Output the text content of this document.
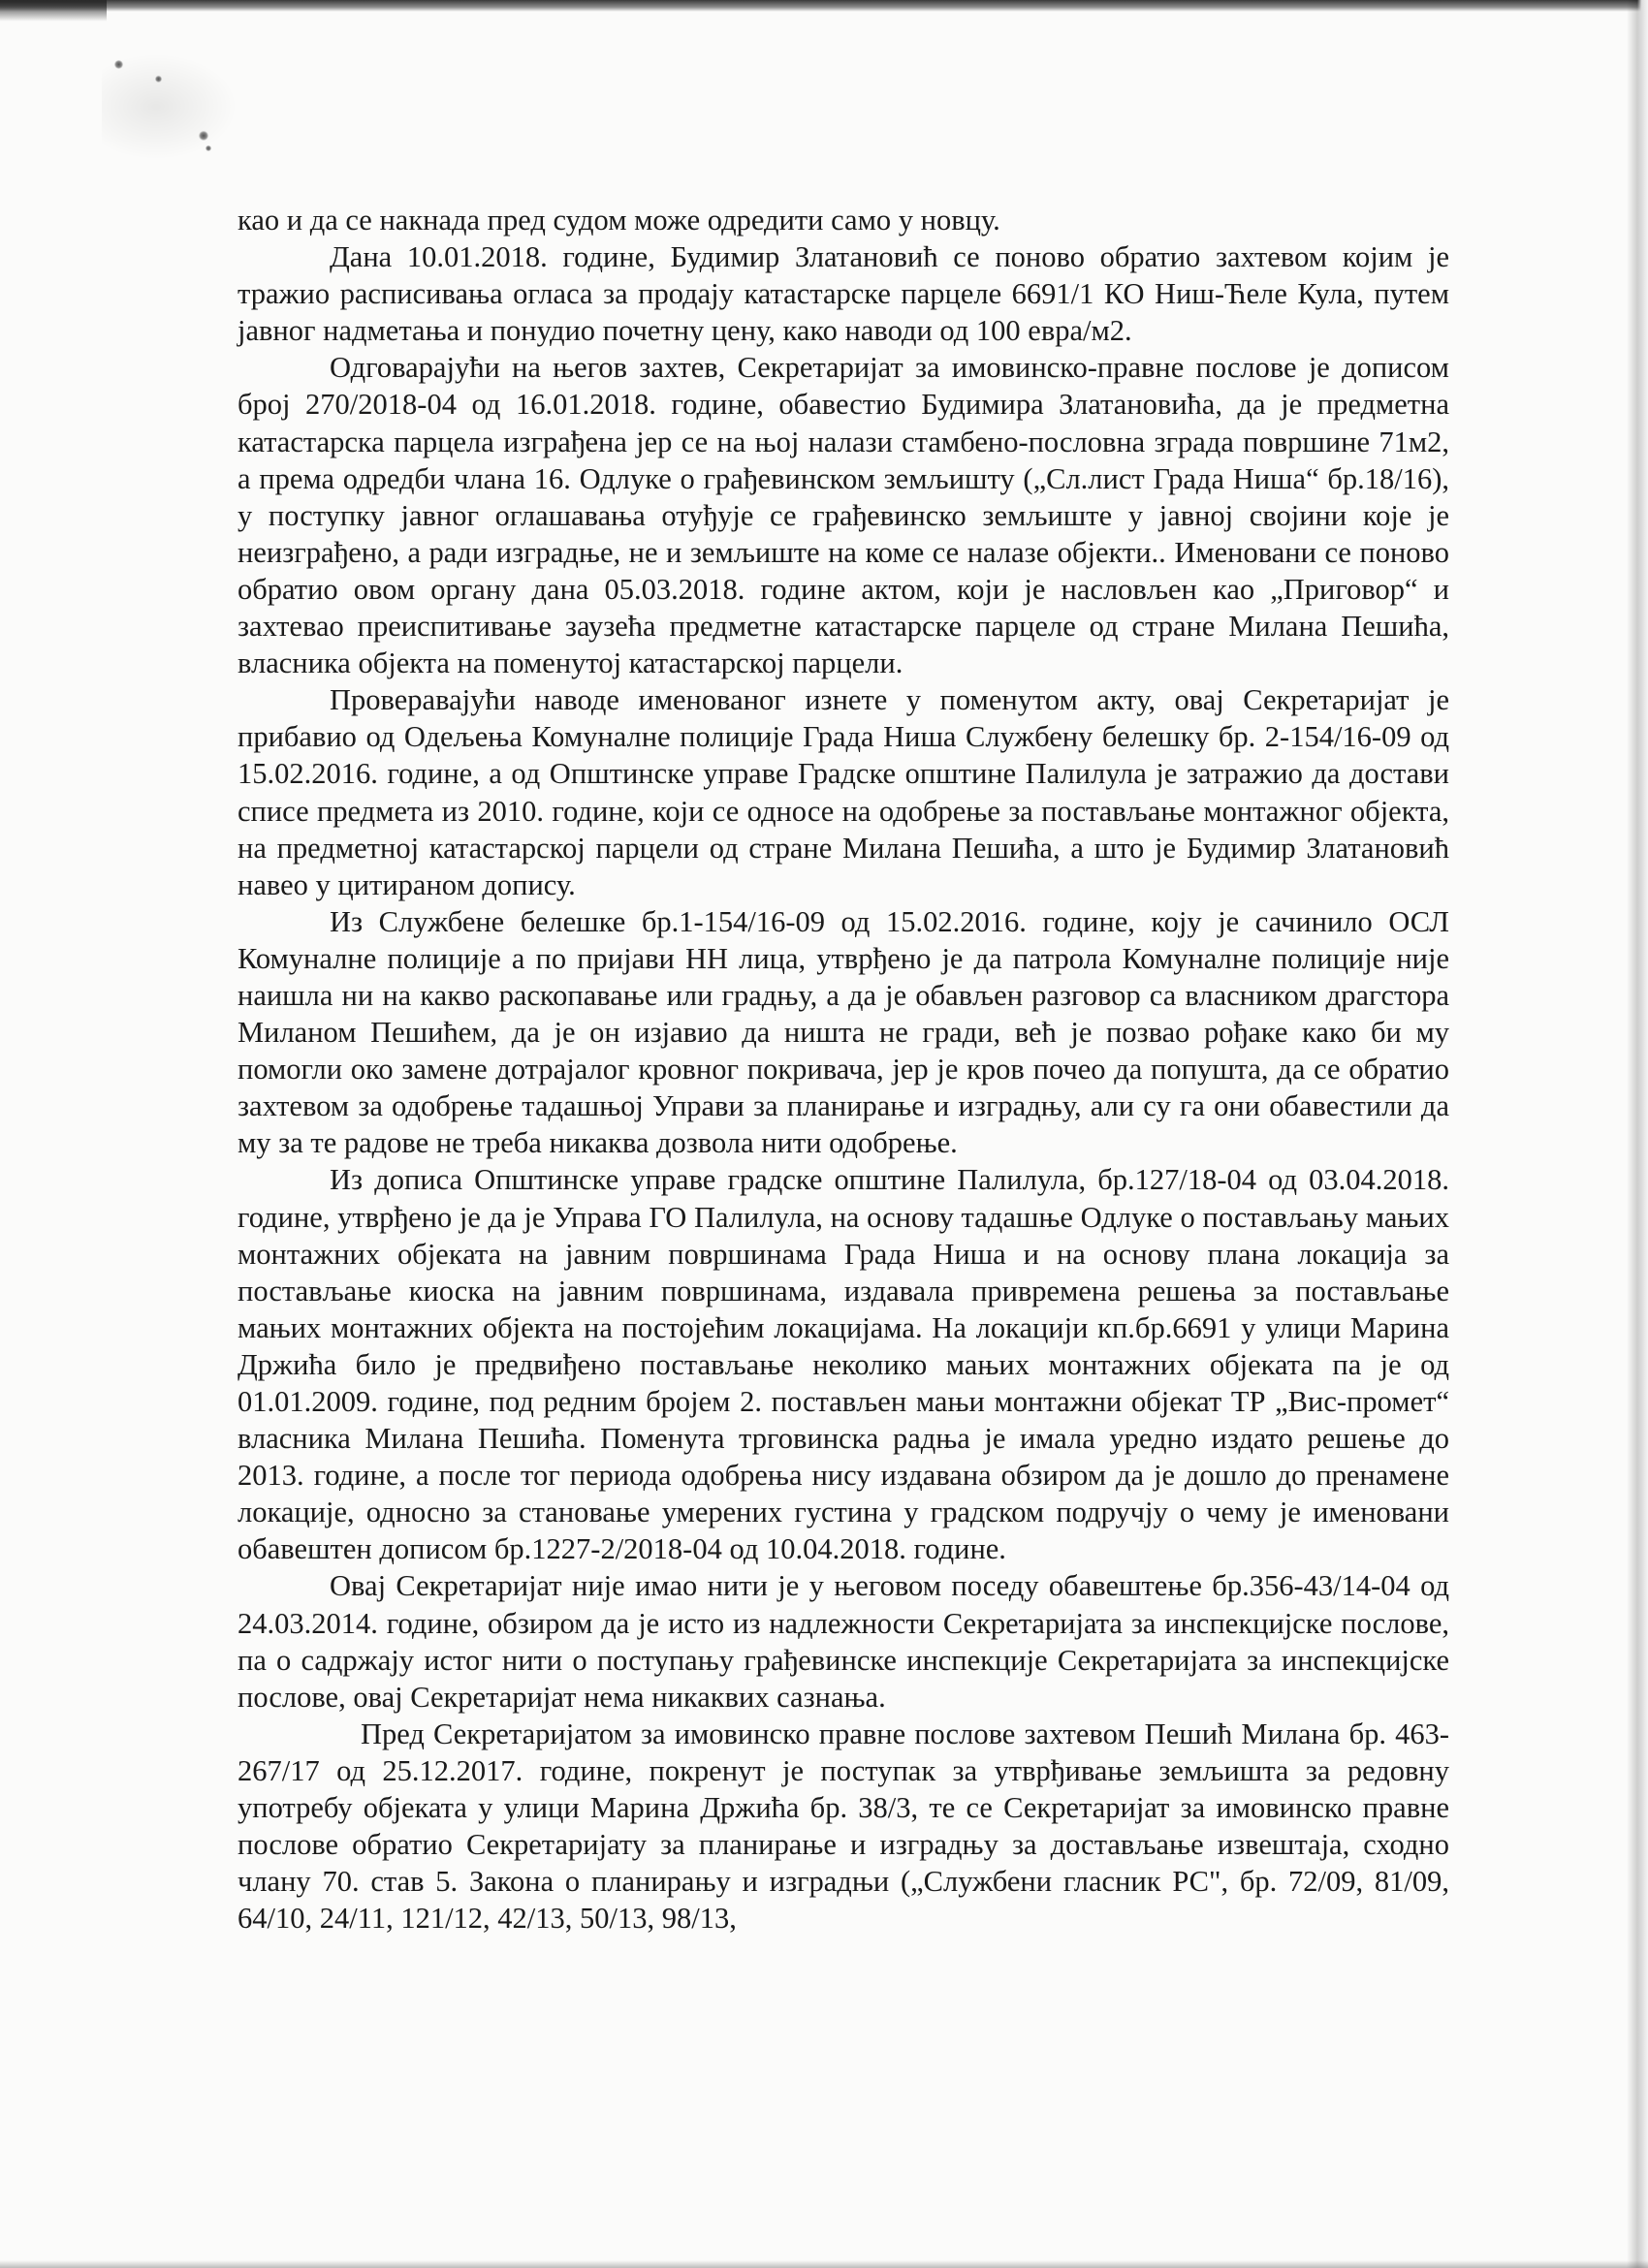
као и да се накнада пред судом може одредити само у новцу.

Дана 10.01.2018. године, Будимир Златановић се поново обратио захтевом којим је тражио расписивања огласа за продају катастарске парцеле 6691/1 КО Ниш-Ћеле Кула, путем јавног надметања и понудио почетну цену, како наводи од 100 евра/м2.

Одговарајући на његов захтев, Секретаријат за имовинско-правне послове је дописом број 270/2018-04 од 16.01.2018. године, обавестио Будимира Златановића, да је предметна катастарска парцела изграђена јер се на њој налази стамбено-пословна зграда површине 71м2, а према одредби члана 16. Одлуке о грађевинском земљишту („Сл.лист Града Ниша“ бр.18/16), у поступку јавног оглашавања отуђује се грађевинско земљиште у јавној својини које је неизграђено, а ради изградње, не и земљиште на коме се налазе објекти.. Именовани се поново обратио овом органу дана 05.03.2018. године актом, који је насловљен као „Приговор“ и захтевао преиспитивање заузећа предметне катастарске парцеле од стране Милана Пешића, власника објекта на поменутој катастарској парцели.

Проверавајући наводе именованог изнете у поменутом акту, овај Секретаријат је прибавио од Одељења Комуналне полиције Града Ниша Службену белешку бр. 2-154/16-09 од 15.02.2016. године, а од Општинске управе Градске општине Палилула је затражио да достави списе предмета из 2010. године, који се односе на одобрење за постављање монтажног објекта, на предметној катастарској парцели од стране Милана Пешића, а што је Будимир Златановић навео у цитираном допису.

Из Службене белешке бр.1-154/16-09 од 15.02.2016. године, коју је сачинило ОСЛ Комуналне полиције а по пријави НН лица, утврђено је да патрола Комуналне полиције није наишла ни на какво раскопавање или градњу, а да је обављен разговор са власником драгстора Миланом Пешићем, да је он изјавио да ништа не гради, већ је позвао рођаке како би му помогли око замене дотрајалог кровног покривача, јер је кров почео да попушта, да се обратио захтевом за одобрење тадашњој Управи за планирање и изградњу, али су га они обавестили да му за те радове не треба никаква дозвола нити одобрење.

Из дописа Општинске управе градске општине Палилула, бр.127/18-04 од 03.04.2018. године, утврђено је да је Управа ГО Палилула, на основу тадашње Одлуке о постављању мањих монтажних објеката на јавним површинама Града Ниша и на основу плана локација за постављање киоска на јавним површинама, издавала привремена решења за постављање мањих монтажних објекта на постојећим локацијама. На локацији кп.бр.6691 у улици Марина Држића било је предвиђено постављање неколико мањих монтажних објеката па је од 01.01.2009. године, под редним бројем 2. постављен мањи монтажни објекат ТР „Вис-промет“ власника Милана Пешића. Поменута трговинска радња је имала уредно издато решење до 2013. године, а после тог периода одобрења нису издавана обзиром да је дошло до пренамене локације, односно за становање умерених густина у градском подручју о чему је именовани обавештен дописом бр.1227-2/2018-04 од 10.04.2018. године.

Овај Секретаријат није имао нити је у његовом поседу обавештење бр.356-43/14-04 од 24.03.2014. године, обзиром да је исто из надлежности Секретаријата за инспекцијске послове, па о садржају истог нити о поступању грађевинске инспекције Секретаријата за инспекцијске послове, овај Секретаријат нема никаквих сазнања.

Пред Секретаријатом за имовинско правне послове захтевом Пешић Милана бр. 463-267/17 од 25.12.2017. године, покренут је поступак за утврђивање земљишта за редовну употребу објеката у улици Марина Држића бр. 38/3, те се Секретаријат за имовинско правне послове обратио Секретаријату за планирање и изградњу за достављање извештаја, сходно члану 70. став 5. Закона о планирању и изградњи („Службени гласник РС", бр. 72/09, 81/09, 64/10, 24/11, 121/12, 42/13, 50/13, 98/13,
